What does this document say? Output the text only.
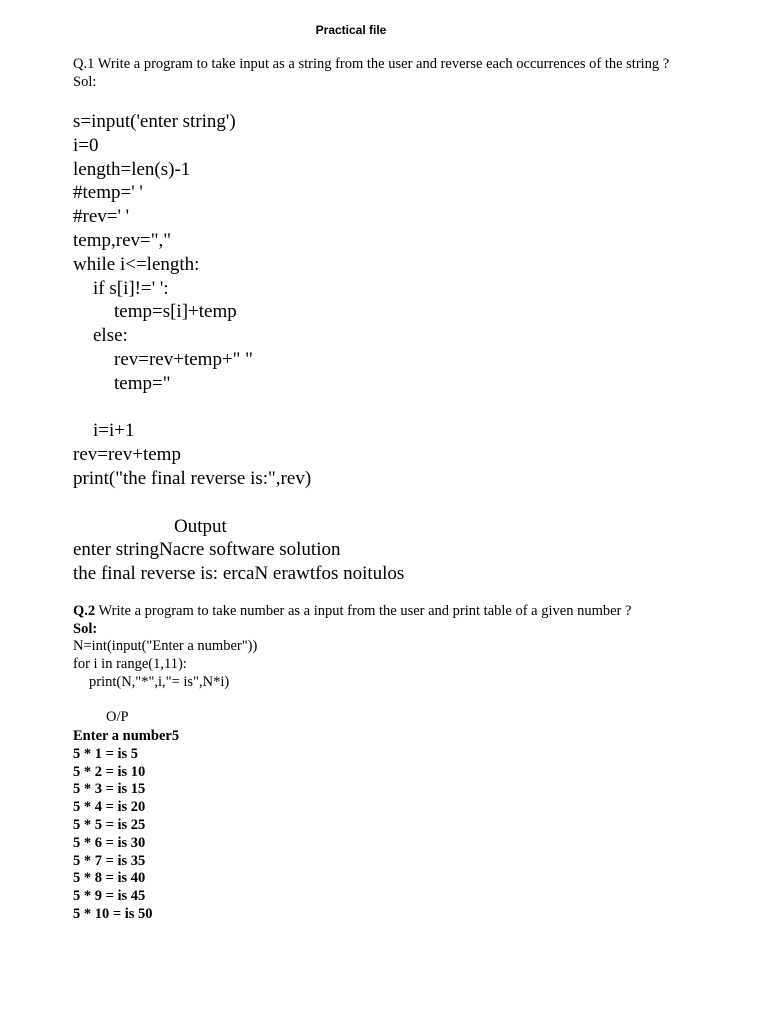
Practical file
Q.1 Write a program to take input as a string from the user and reverse each occurrences of the string ?
Sol:
s=input('enter string')
i=0
length=len(s)-1
#temp=' '
#rev=' '
temp,rev=","
while i<=length:
if s[i]!=' ':
temp=s[i]+temp
else:
rev=rev+temp+" "
temp="
i=i+1
rev=rev+temp
print("the final reverse is:",rev)
Output
enter stringNacre software solution
the final reverse is: ercaN erawtfos noitulos
Q.2 Write a program to take number as a input from the user and print table of a given number ?
Sol:
N=int(input("Enter a number"))
for i in range(1,11):
print(N,"*",i,"= is",N*i)
O/P
Enter a number5
5 * 1 = is 5
5 * 2 = is 10
5 * 3 = is 15
5 * 4 = is 20
5 * 5 = is 25
5 * 6 = is 30
5 * 7 = is 35
5 * 8 = is 40
5 * 9 = is 45
5 * 10 = is 50
